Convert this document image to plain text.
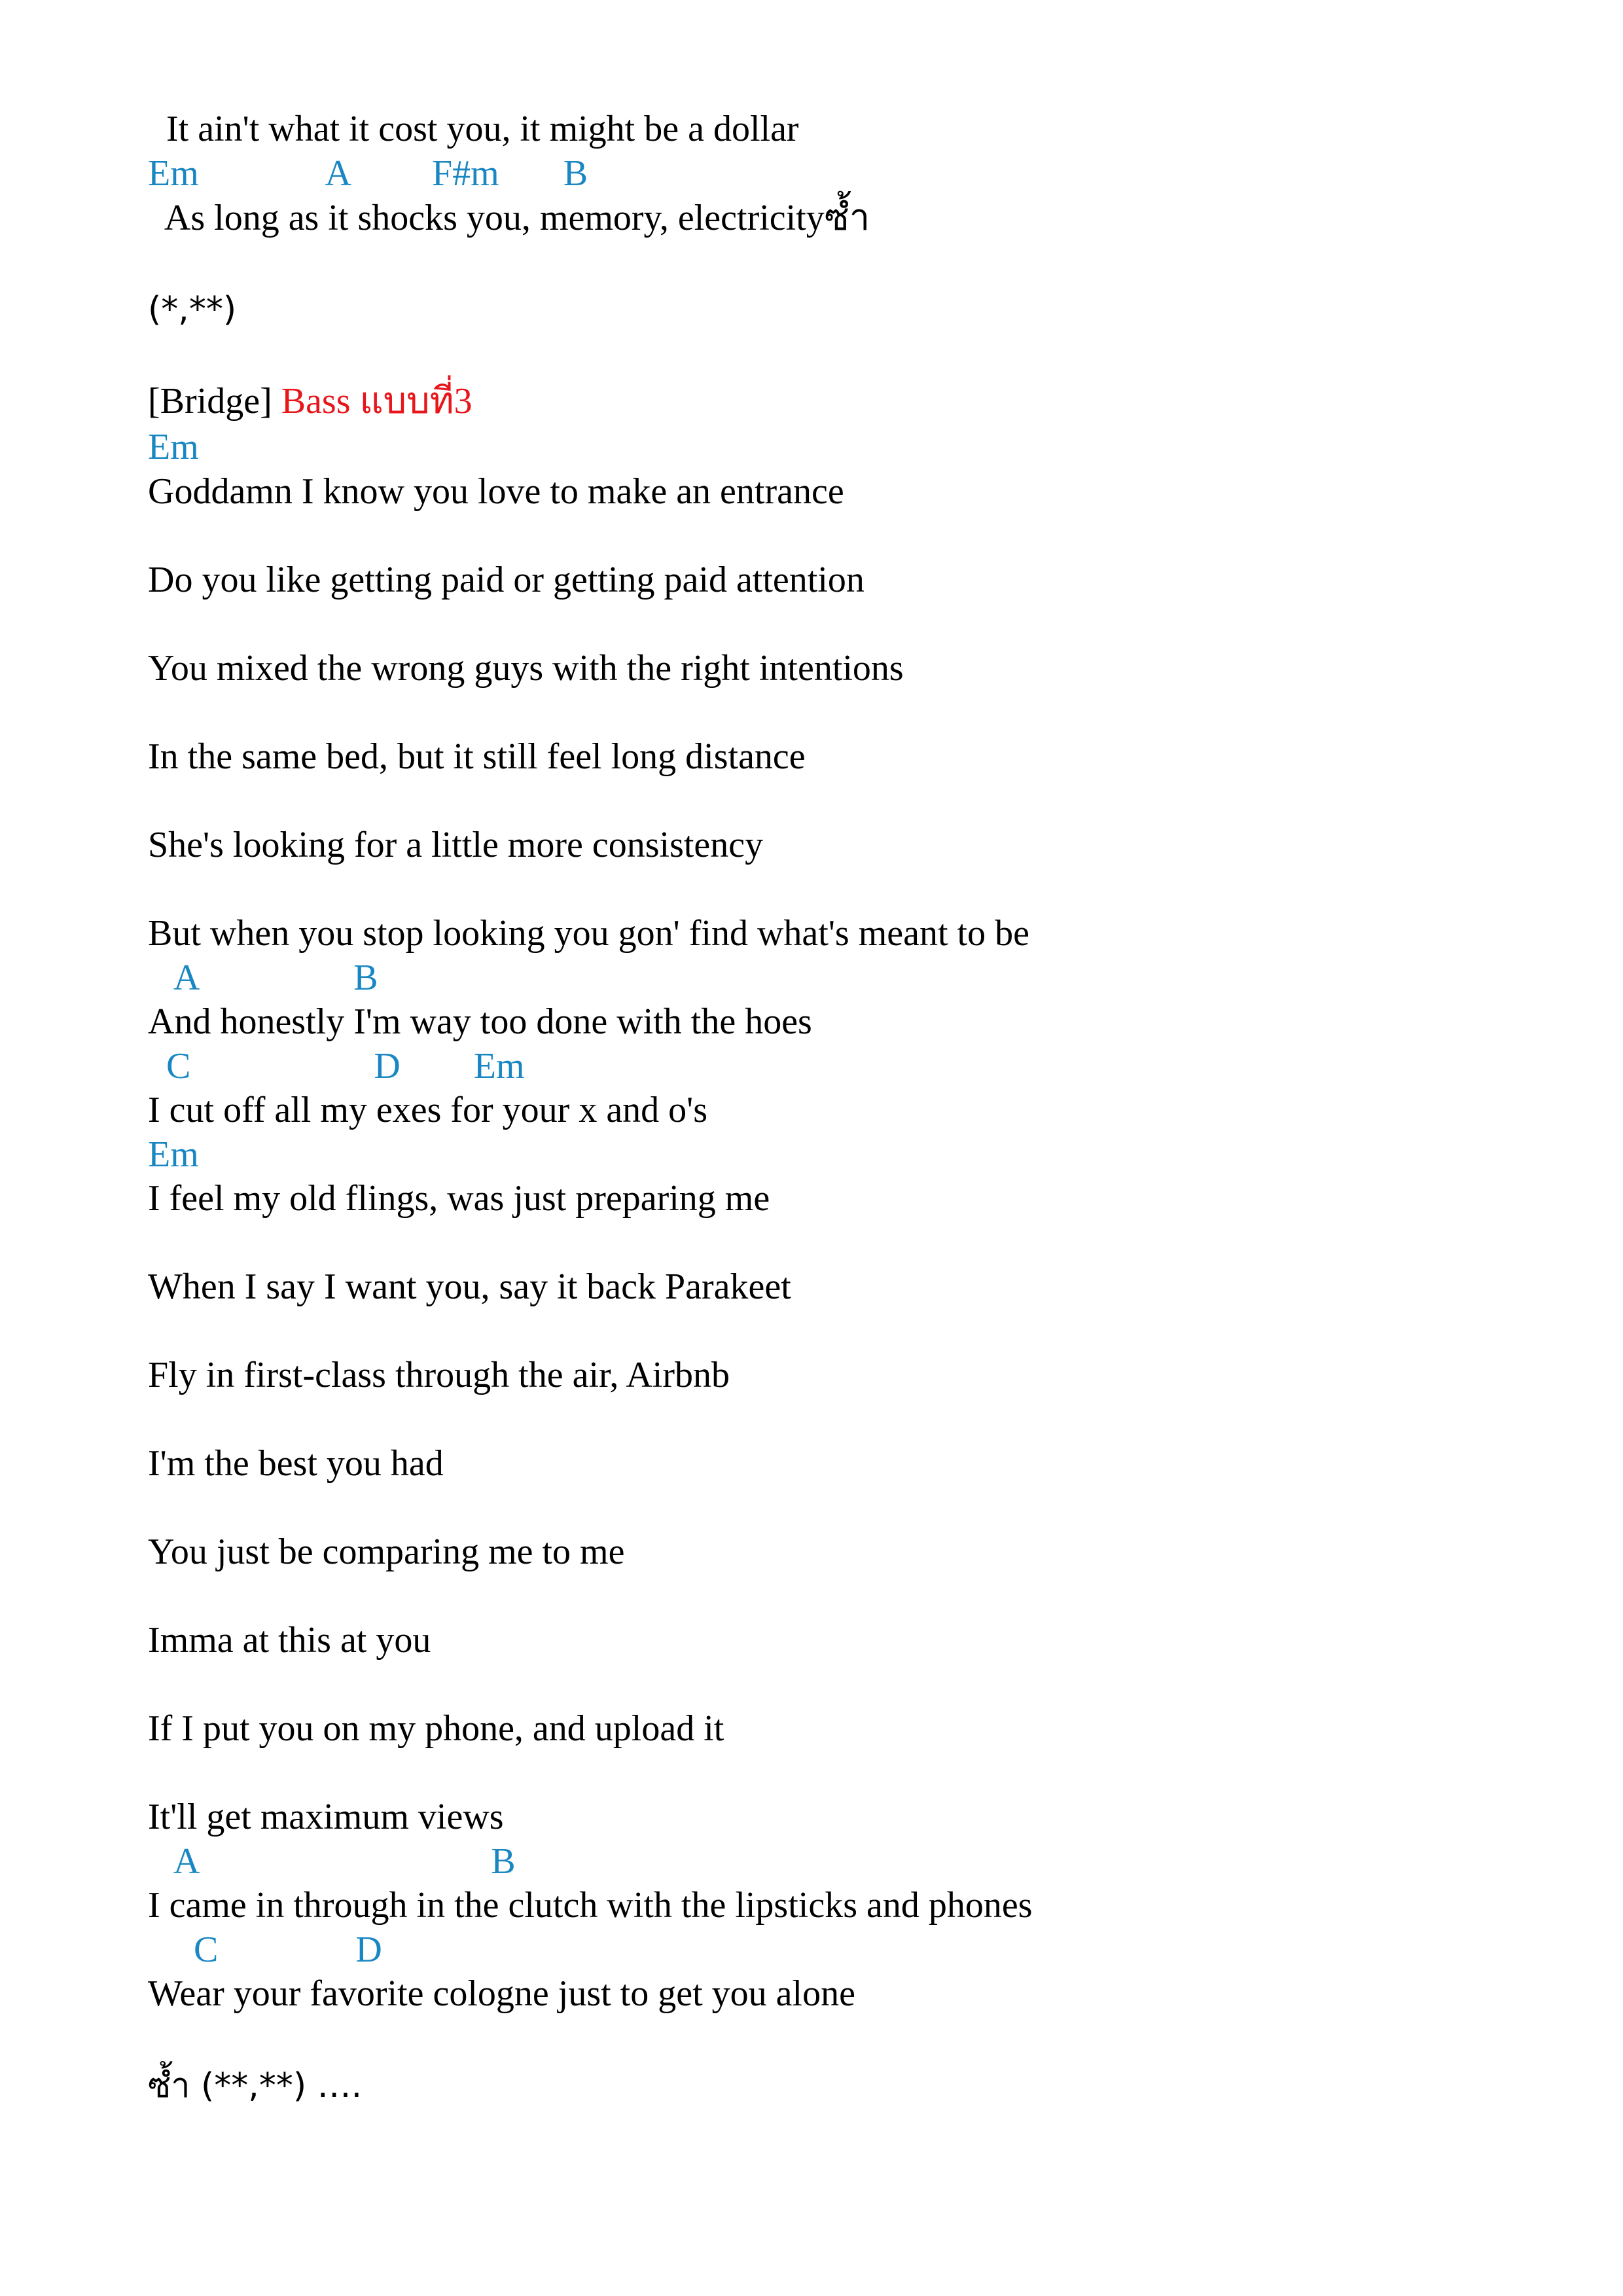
It ain't what it cost you, it might be a dollar
Em              A         F#m       B
As long as it shocks you, memory, electricityซ้ำ
(*,**)
[Bridge] Bass แบบที่3
Em
Goddamn I know you love to make an entrance
Do you like getting paid or getting paid attention
You mixed the wrong guys with the right intentions
In the same bed, but it still feel long distance
She's looking for a little more consistency
But when you stop looking you gon' find what's meant to be
A                 B
And honestly I'm way too done with the hoes
C                    D        Em
I cut off all my exes for your x and o's
Em
I feel my old flings, was just preparing me
When I say I want you, say it back Parakeet
Fly in first-class through the air, Airbnb
I'm the best you had
You just be comparing me to me
Imma at this at you
If I put you on my phone, and upload it
It'll get maximum views
A                                B
I came in through in the clutch with the lipsticks and phones
C               D
Wear your favorite cologne just to get you alone
ซ้ำ (**,**) ….
